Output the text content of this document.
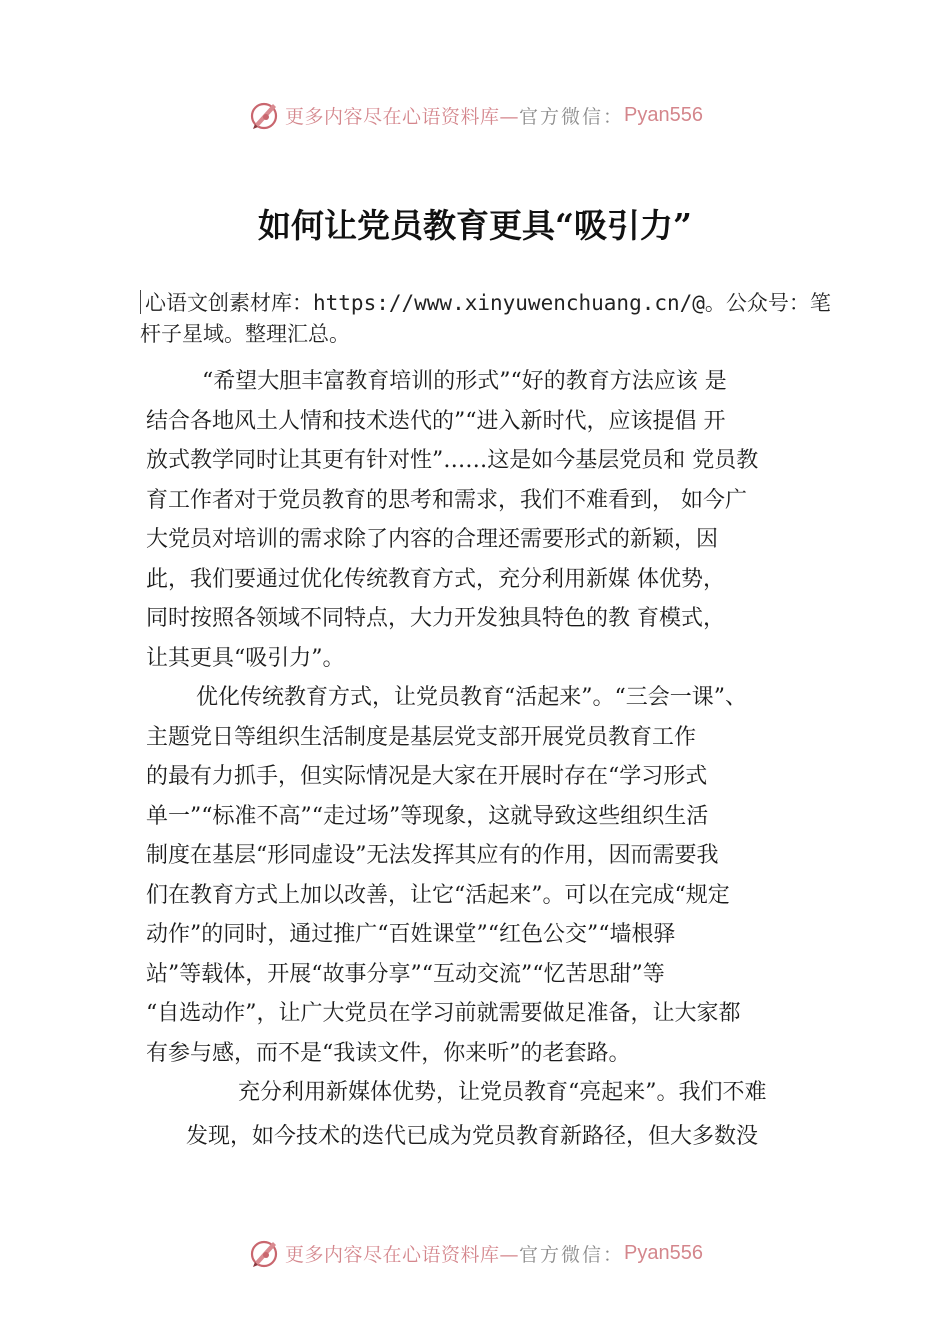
更多内容尽在心语资料库— 官方微信： Pyan556
如何让党员教育更具“吸引力”

心语文创素材库：https://www.xinyuwenchuang.cn/@。公众号：笔杆子星域。整理汇总。

“希望大胆丰富教育培训的形式”“好的教育方法应该 是

结合各地风土人情和技术迭代的”“进入新时代，应该提倡 开

放式教学同时让其更有针对性”……这是如今基层党员和 党员教

育工作者对于党员教育的思考和需求，我们不难看到， 如今广

大党员对培训的需求除了内容的合理还需要形式的新颖，因

此，我们要通过优化传统教育方式，充分利用新媒 体优势，

同时按照各领域不同特点，大力开发独具特色的教 育模式，

让其更具“吸引力”。

优化传统教育方式，让党员教育“活起来”。“三会一课”、

主题党日等组织生活制度是基层党支部开展党员教育工作

的最有力抓手，但实际情况是大家在开展时存在“学习形式

单一”“标准不高”“走过场”等现象，这就导致这些组织生活

制度在基层“形同虚设”无法发挥其应有的作用，因而需要我

们在教育方式上加以改善，让它“活起来”。可以在完成“规定

动作”的同时，通过推广“百姓课堂”“红色公交”“墙根驿

站”等载体，开展“故事分享”“互动交流”“忆苦思甜”等

“自选动作”，让广大党员在学习前就需要做足准备，让大家都

有参与感，而不是“我读文件，你来听”的老套路。

充分利用新媒体优势，让党员教育“亮起来”。我们不难

发现，如今技术的迭代已成为党员教育新路径，但大多数没

更多内容尽在心语资料库— 官方微信： Pyan556
